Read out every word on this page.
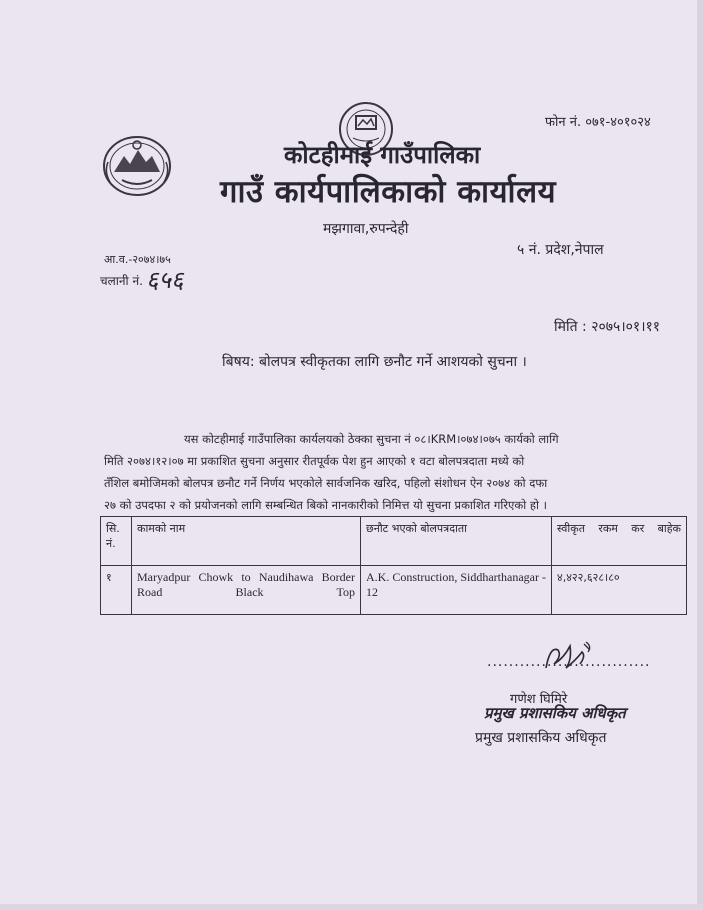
फोन नं. ०७१-४०१०२४
कोटहीमाई गाउँपालिका
गाउँ कार्यपालिकाको कार्यालय
मझगावा,रुपन्देही
५ नं. प्रदेश,नेपाल
आ.व.-२०७४।७५
चलानी नं. ६५६
मिति : २०७५।०१।११
बिषय: बोलपत्र स्वीकृतका लागि छनौट गर्ने आशयको सुचना ।
यस कोटहीमाई गाउँपालिका कार्यलयको ठेक्का सुचना नं ०८।KRM।०७४।०७५ कार्यको लागि
मिति २०७४।१२।०७ मा प्रकाशित सुचना अनुसार रीतपूर्वक पेश हुन आएको १ वटा बोलपत्रदाता मध्ये को
तँशिल बमोजिमको बोलपत्र छनौट गर्ने निर्णय भएकोले सार्वजनिक खरिद, पहिलो संशोधन ऐन २०७४ को दफा
२७ को उपदफा २ को प्रयोजनको लागि सम्बन्धित बिको नानकारीको निमित्त यो सुचना प्रकाशित गरिएको हो ।
सि. नं.	कामको नाम	छनौट भएको बोलपत्रदाता	स्वीकृत रकम कर बाहेक
१	Maryadpur Chowk to Naudihawa Border Road Black Top	A.K. Construction, Siddharthanagar - 12	४,४२२,६२८।८०
..............................
गणेश घिमिरे
प्रमुख प्रशासकिय अधिकृत
प्रमुख प्रशासकिय अधिकृत
